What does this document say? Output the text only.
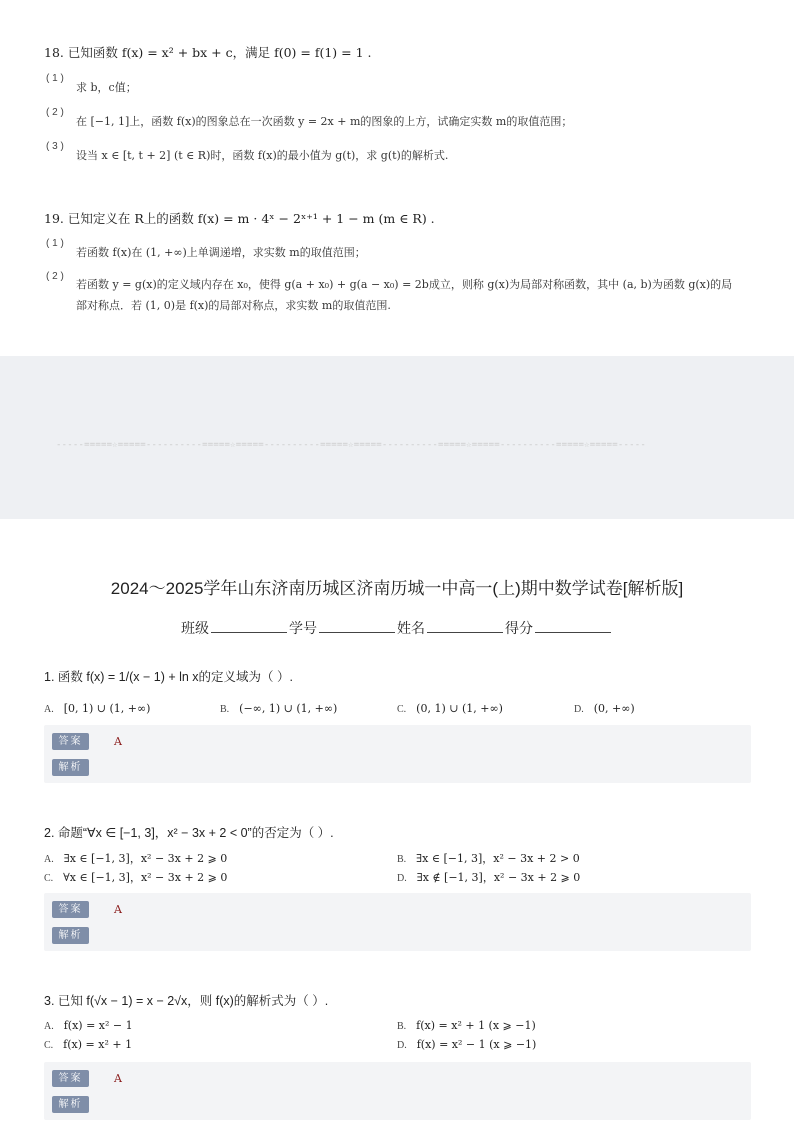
18. 已知函数 f(x) = x² + bx + c，满足 f(0) = f(1) = 1 .
( 1 )
求 b，c值；
( 2 )
在 [−1, 1]上，函数 f(x)的图象总在一次函数 y = 2x + m的图象的上方，试确定实数 m的取值范围；
( 3 )
设当 x ∈ [t, t + 2] (t ∈ R)时，函数 f(x)的最小值为 g(t)，求 g(t)的解析式.
19. 已知定义在 R上的函数 f(x) = m · 4ˣ − 2ˣ⁺¹ + 1 − m (m ∈ R) .
( 1 )
若函数 f(x)在 (1, +∞)上单调递增，求实数 m的取值范围；
( 2 )
若函数 y = g(x)的定义域内存在 x₀，使得 g(a + x₀) + g(a − x₀) = 2b成立，则称 g(x)为局部对称函数，其中 (a, b)为函数 g(x)的局部对称点．若 (1, 0)是 f(x)的局部对称点，求实数 m的取值范围.
-----=====☆=====----------=====☆=====----------=====☆=====----------=====☆=====----------=====☆=====-----
2024～2025学年山东济南历城区济南历城一中高一(上)期中数学试卷[解析版]
班级	学号	姓名	得分
1. 函数 f(x) = 1/(x − 1) + ln x的定义域为（ ）.
A. [0, 1) ∪ (1, +∞)	B. (−∞, 1) ∪ (1, +∞)	C. (0, 1) ∪ (1, +∞)	D. (0, +∞)
答案	A
解析
2. 命题“∀x ∈ [−1, 3]，x² − 3x + 2 < 0”的否定为（ ）.
A. ∃x ∈ [−1, 3]，x² − 3x + 2 ⩾ 0	B. ∃x ∈ [−1, 3]，x² − 3x + 2 > 0
C. ∀x ∈ [−1, 3]，x² − 3x + 2 ⩾ 0	D. ∃x ∉ [−1, 3]，x² − 3x + 2 ⩾ 0
答案	A
解析
3. 已知 f(√x − 1) = x − 2√x，则 f(x)的解析式为（ ）.
A. f(x) = x² − 1	B. f(x) = x² + 1 (x ⩾ −1)
C. f(x) = x² + 1	D. f(x) = x² − 1 (x ⩾ −1)
答案	A
解析
